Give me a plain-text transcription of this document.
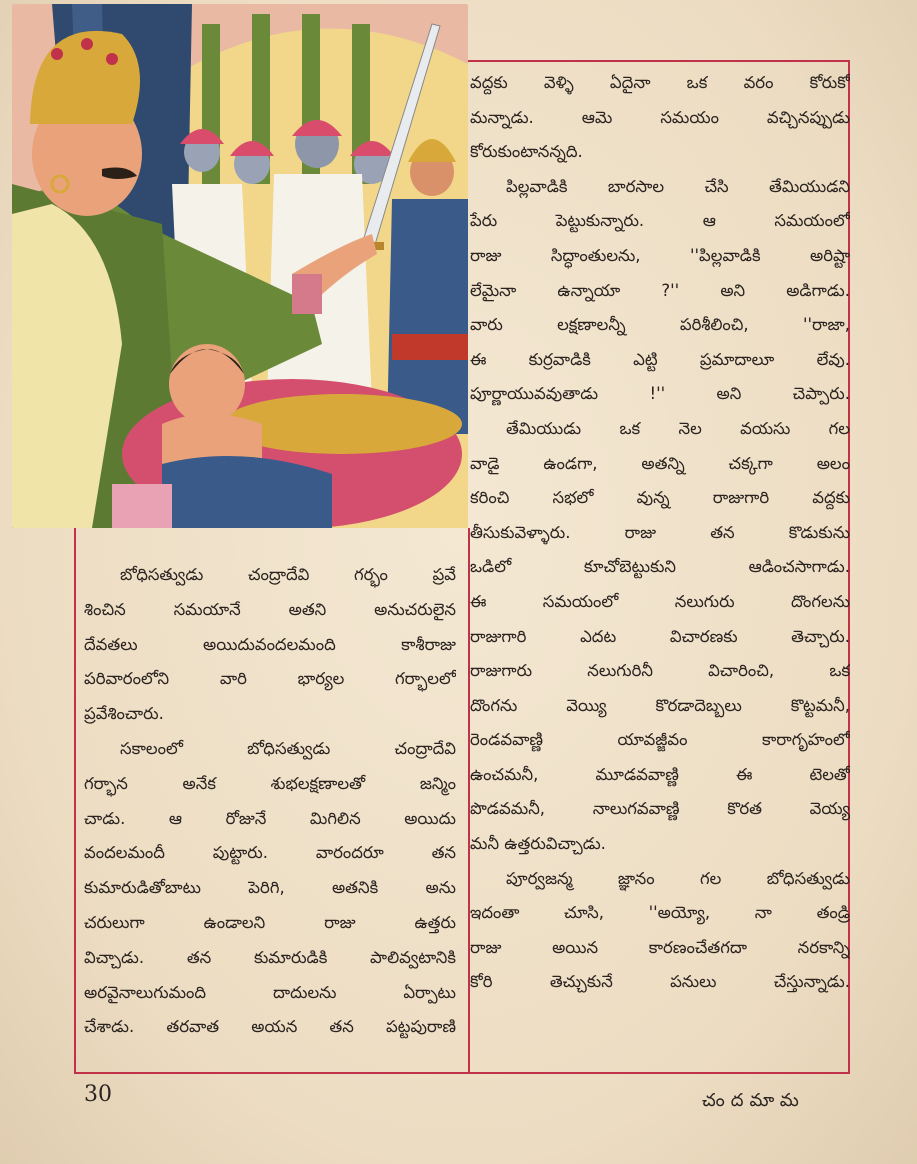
వద్దకు వెళ్ళి ఏదైనా ఒక వరం కోరుకో
మన్నాడు. ఆమె సమయం వచ్చినప్పుడు
కోరుకుంటానన్నది.
పిల్లవాడికి బారసాల చేసి తేమియుడని
పేరు పెట్టుకున్నారు. ఆ సమయంలో
రాజు సిద్ధాంతులను, ''పిల్లవాడికి అరిష్టా
లేమైనా ఉన్నాయా ?'' అని అడిగాడు.
వారు లక్షణాలన్నీ పరిశీలించి, ''రాజా,
ఈ కుర్రవాడికి ఎట్టి ప్రమాదాలూ లేవు.
పూర్ణాయువవుతాడు !'' అని చెప్పారు.
తేమియుడు ఒక నెల వయసు గల
వాడై ఉండగా, అతన్ని చక్కగా అలం
కరించి సభలో వున్న రాజుగారి వద్దకు
తీసుకువెళ్ళారు. రాజు తన కొడుకును
ఒడిలో కూచోబెట్టుకుని ఆడించసాగాడు.
ఈ సమయంలో నలుగురు దొంగలను
రాజుగారి ఎదట విచారణకు తెచ్చారు.
రాజుగారు నలుగురినీ విచారించి, ఒక
దొంగను వెయ్యి కొరడాదెబ్బలు కొట్టమనీ,
రెండవవాణ్ణి యావజ్జీవం కారాగృహంలో
ఉంచమనీ, మూడవవాణ్ణి ఈ టెలతో
పొడవమనీ, నాలుగవవాణ్ణి కొరత వెయ్య
మనీ ఉత్తరువిచ్చాడు.
పూర్వజన్మ జ్ఞానం గల బోధిసత్వుడు
ఇదంతా చూసి, ''అయ్యో, నా తండ్రి
రాజు అయిన కారణంచేతగదా నరకాన్ని
కోరి తెచ్చుకునే పనులు చేస్తున్నాడు.
బోధిసత్వుడు చంద్రాదేవి గర్భం ప్రవే
శించిన సమయానే అతని అనుచరులైన
దేవతలు అయిదువందలమంది కాశీరాజు
పరివారంలోని వారి భార్యల గర్భాలలో
ప్రవేశించారు.
సకాలంలో బోధిసత్వుడు చంద్రాదేవి
గర్భాన అనేక శుభలక్షణాలతో జన్మిం
చాడు. ఆ రోజునే మిగిలిన అయిదు
వందలమందీ పుట్టారు. వారందరూ తన
కుమారుడితోబాటు పెరిగి, అతనికి అను
చరులుగా ఉండాలని రాజు ఉత్తరు
విచ్చాడు. తన కుమారుడికి పాలివ్వటానికి
అరవైనాలుగుమంది దాదులను ఏర్పాటు
చేశాడు. తరవాత అయన తన పట్టపురాణి
30	చందమామ
